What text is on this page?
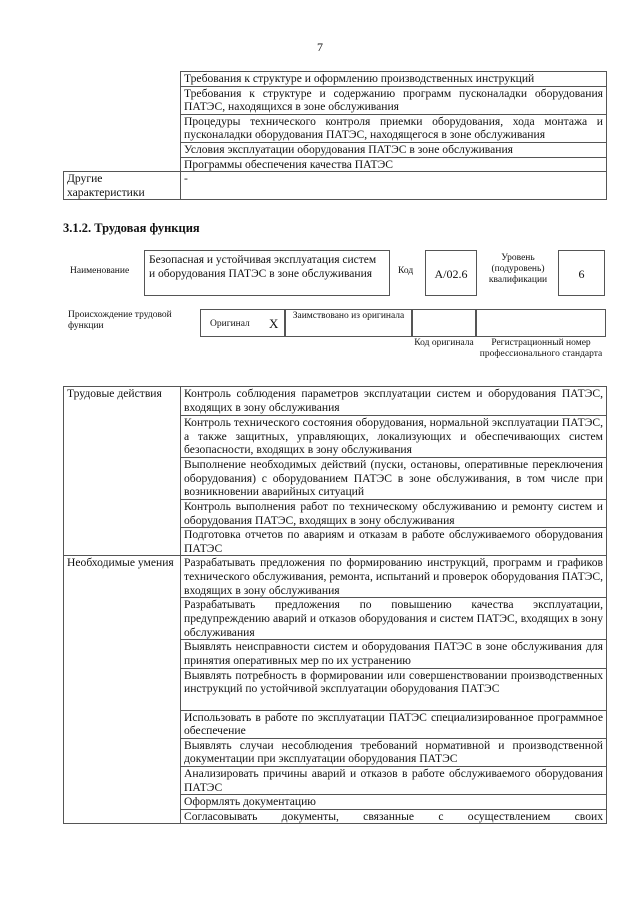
7
	Требования к структуре и оформлению производственных инструкций
	Требования к структуре и содержанию программ пусконаладки оборудования ПАТЭС, находящихся в зоне обслуживания
	Процедуры технического контроля приемки оборудования, хода монтажа и пусконаладки оборудования ПАТЭС, находящегося в зоне обслуживания
	Условия эксплуатации оборудования ПАТЭС в зоне обслуживания
	Программы обеспечения качества ПАТЭС
Другие характеристики	-
3.1.2. Трудовая функция
Наименование
Безопасная и устойчивая эксплуатация систем и оборудования ПАТЭС в зоне обслуживания	Код	A/02.6
Уровень (подуровень) квалификации	6
Происхождение трудовой функции	Оригинал X	Заимствовано из оригинала
Код оригинала	Регистрационный номер профессионального стандарта
Трудовые действия	Контроль соблюдения параметров эксплуатации систем и оборудования ПАТЭС, входящих в зону обслуживания
	Контроль технического состояния оборудования, нормальной эксплуатации ПАТЭС, а также защитных, управляющих, локализующих и обеспечивающих систем безопасности, входящих в зону обслуживания
	Выполнение необходимых действий (пуски, остановы, оперативные переключения оборудования) с оборудованием ПАТЭС в зоне обслуживания, в том числе при возникновении аварийных ситуаций
	Контроль выполнения работ по техническому обслуживанию и ремонту систем и оборудования ПАТЭС, входящих в зону обслуживания
	Подготовка отчетов по авариям и отказам в работе обслуживаемого оборудования ПАТЭС
Необходимые умения	Разрабатывать предложения по формированию инструкций, программ и графиков технического обслуживания, ремонта, испытаний и проверок оборудования ПАТЭС, входящих в зону обслуживания
	Разрабатывать предложения по повышению качества эксплуатации, предупреждению аварий и отказов оборудования и систем ПАТЭС, входящих в зону обслуживания
	Выявлять неисправности систем и оборудования ПАТЭС в зоне обслуживания для принятия оперативных мер по их устранению
	Выявлять потребность в формировании или совершенствовании производственных инструкций по устойчивой эксплуатации оборудования ПАТЭС
	Использовать в работе по эксплуатации ПАТЭС специализированное программное обеспечение
	Выявлять случаи несоблюдения требований нормативной и производственной документации при эксплуатации оборудования ПАТЭС
	Анализировать причины аварий и отказов в работе обслуживаемого оборудования ПАТЭС
	Оформлять документацию
	Согласовывать документы, связанные с осуществлением своих
